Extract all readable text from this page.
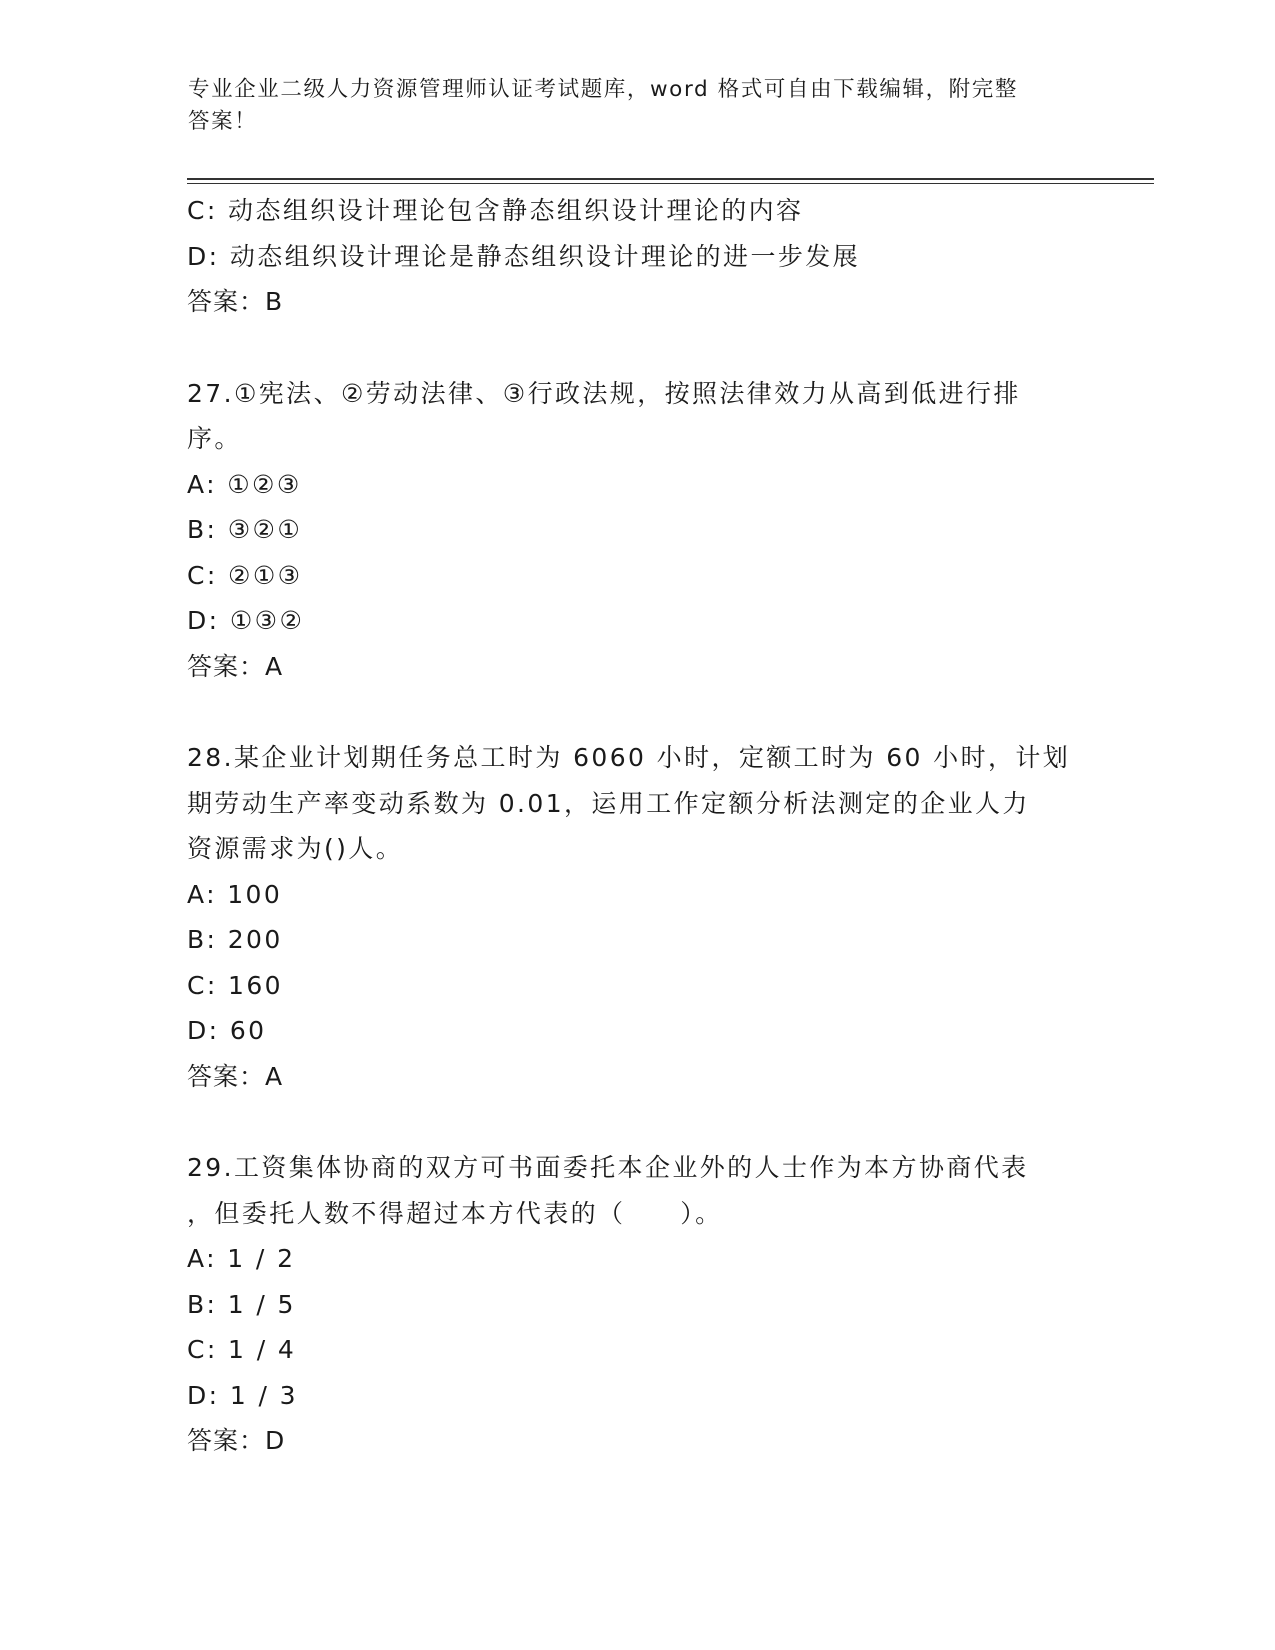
专业企业二级人力资源管理师认证考试题库，word 格式可自由下载编辑，附完整
答案！
C: 动态组织设计理论包含静态组织设计理论的内容
D: 动态组织设计理论是静态组织设计理论的进一步发展
答案：B
27.①宪法、②劳动法律、③行政法规，按照法律效力从高到低进行排
序。
A: ①②③
B: ③②①
C: ②①③
D: ①③②
答案：A
28.某企业计划期任务总工时为 6060 小时，定额工时为 60 小时，计划
期劳动生产率变动系数为 0.01，运用工作定额分析法测定的企业人力
资源需求为()人。
A: 100
B: 200
C: 160
D: 60
答案：A
29.工资集体协商的双方可书面委托本企业外的人士作为本方协商代表
，但委托人数不得超过本方代表的（　　）。
A: 1 / 2
B: 1 / 5
C: 1 / 4
D: 1 / 3
答案：D
